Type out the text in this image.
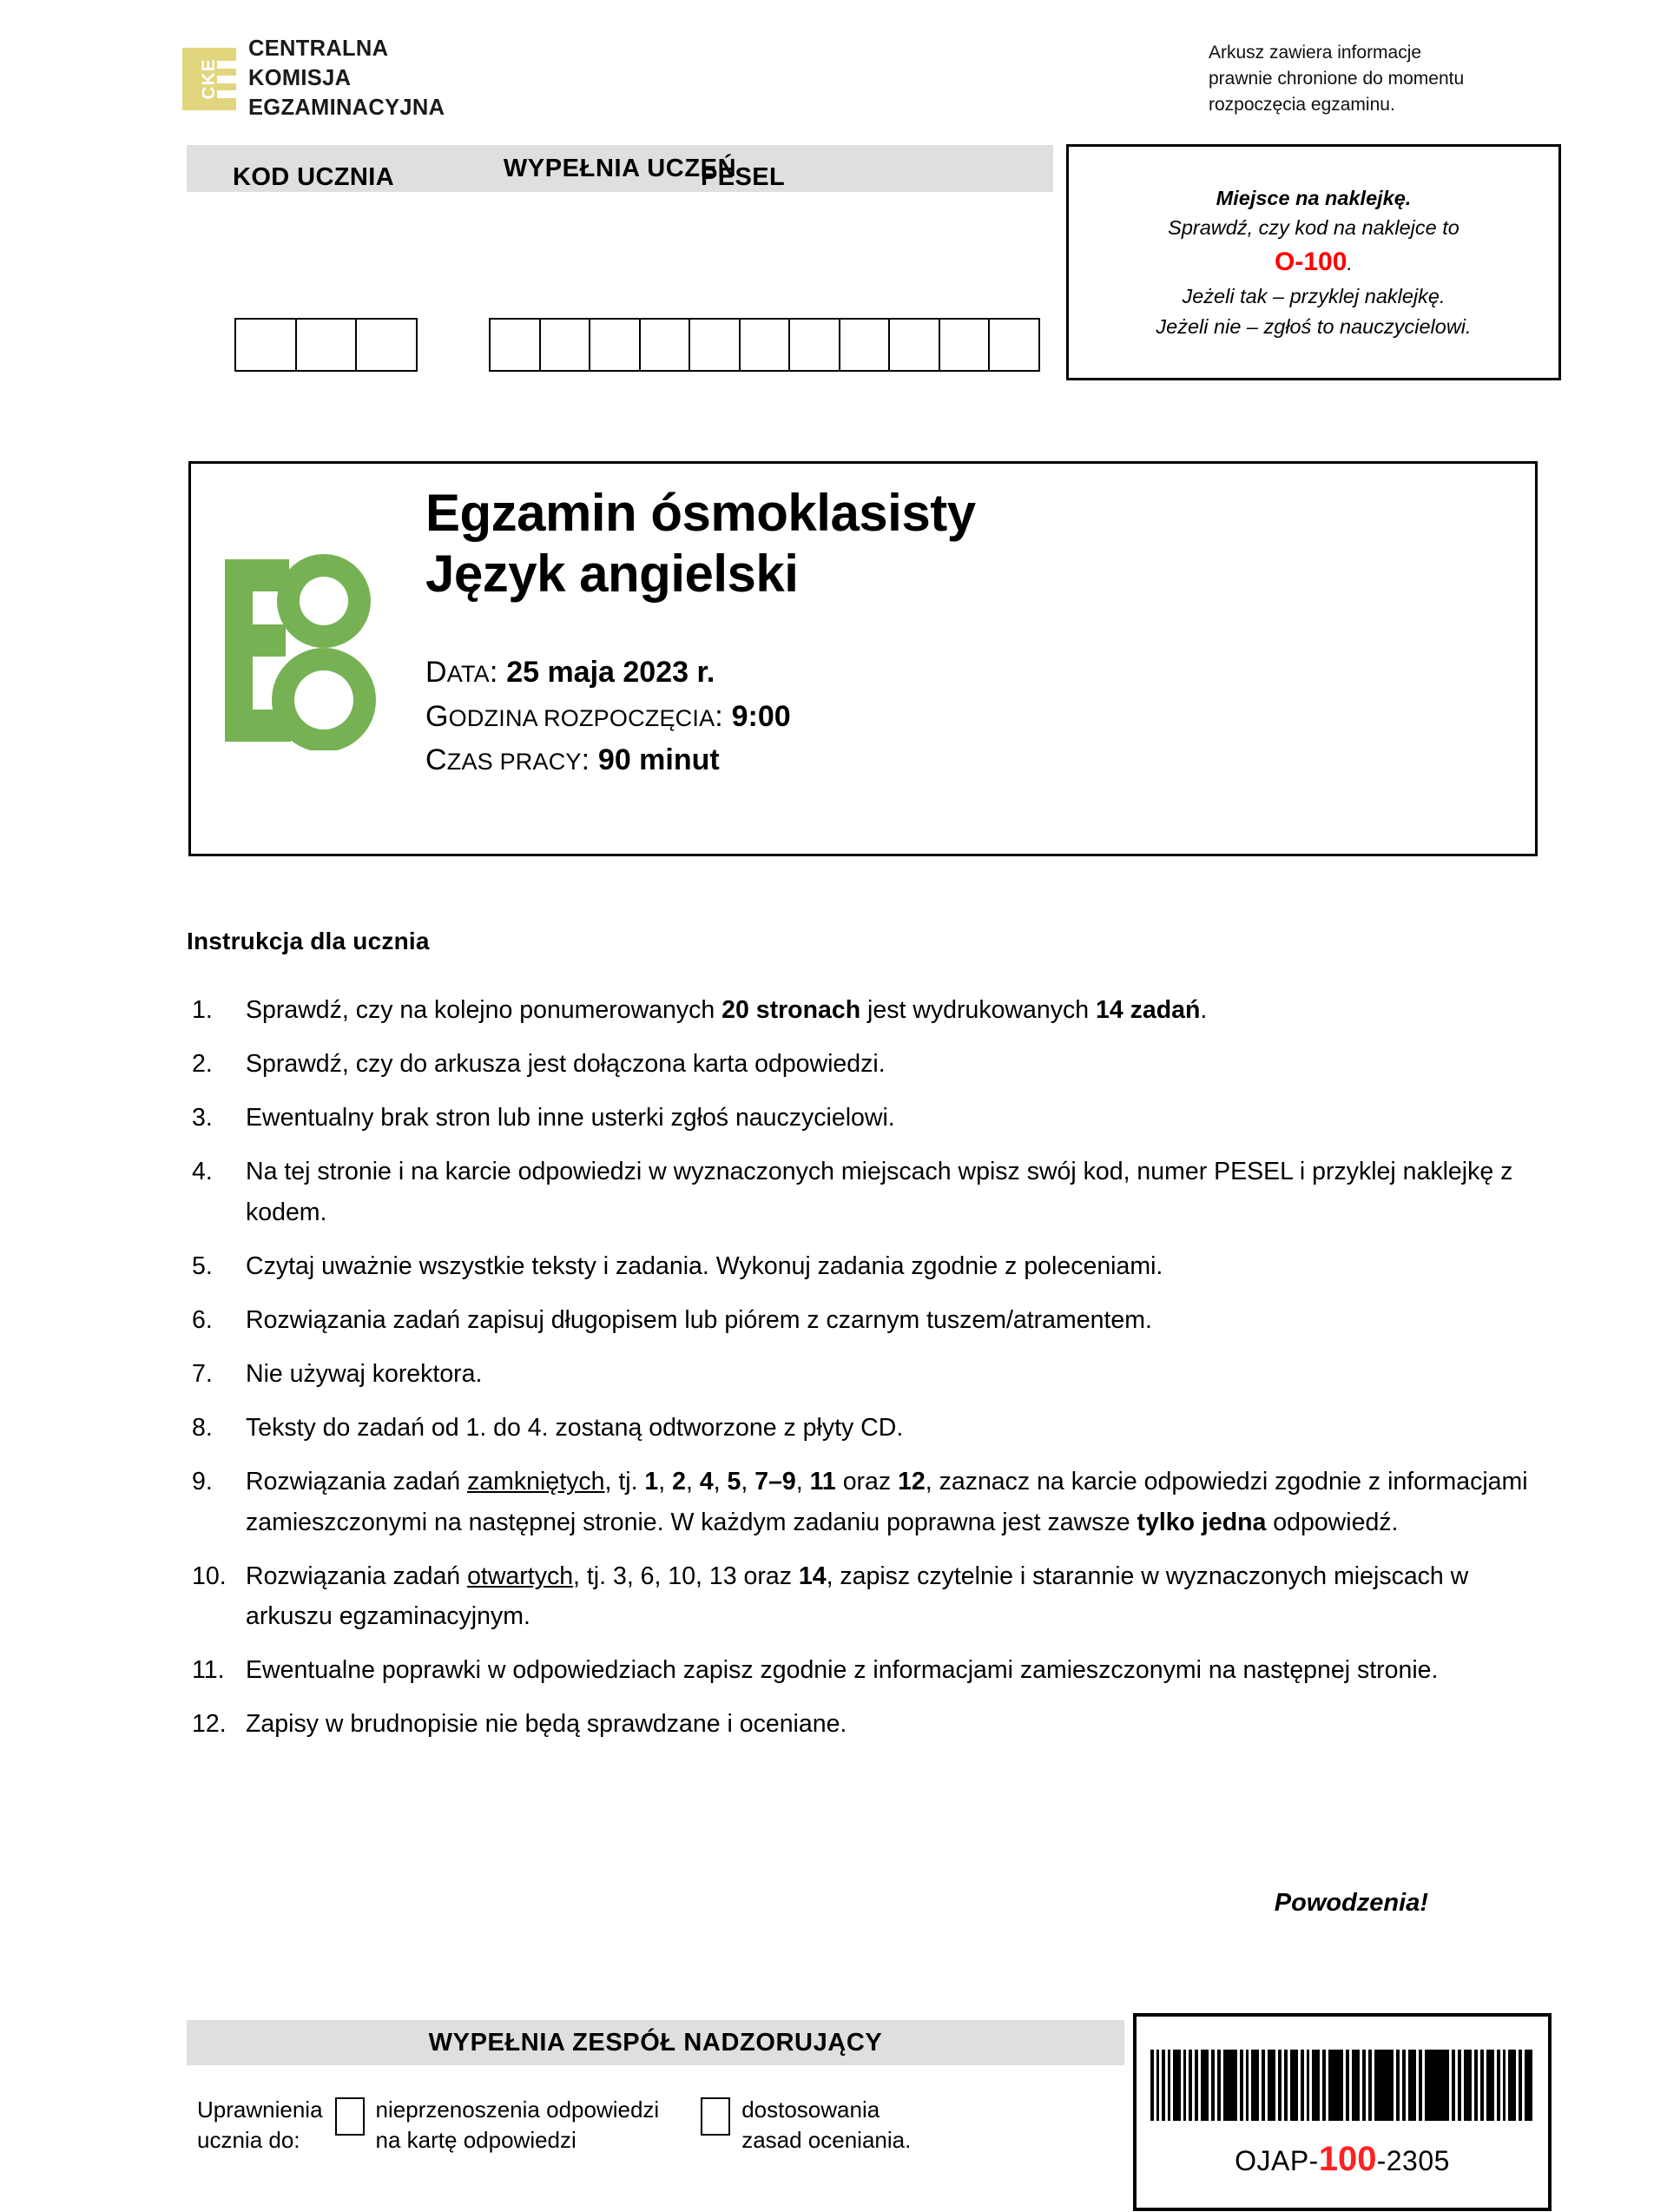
CKE
CENTRALNA
KOMISJA
EGZAMINACYJNA
Arkusz zawiera informacje
prawnie chronione do momentu
rozpoczęcia egzaminu.
WYPEŁNIA UCZEŃ
KOD UCZNIA	PESEL
Miejsce na naklejkę.
Sprawdź, czy kod na naklejce to
O-100.
Jeżeli tak – przyklej naklejkę.
Jeżeli nie – zgłoś to nauczycielowi.
Egzamin ósmoklasisty
Język angielski
DATA: 25 maja 2023 r.
GODZINA ROZPOCZĘCIA: 9:00
CZAS PRACY: 90 minut
Instrukcja dla ucznia
1.	Sprawdź, czy na kolejno ponumerowanych 20 stronach jest wydrukowanych 14 zadań.
2.	Sprawdź, czy do arkusza jest dołączona karta odpowiedzi.
3.	Ewentualny brak stron lub inne usterki zgłoś nauczycielowi.
4.	Na tej stronie i na karcie odpowiedzi w wyznaczonych miejscach wpisz swój kod, numer PESEL i przyklej naklejkę z kodem.
5.	Czytaj uważnie wszystkie teksty i zadania. Wykonuj zadania zgodnie z poleceniami.
6.	Rozwiązania zadań zapisuj długopisem lub piórem z czarnym tuszem/atramentem.
7.	Nie używaj korektora.
8.	Teksty do zadań od 1. do 4. zostaną odtworzone z płyty CD.
9.	Rozwiązania zadań zamkniętych, tj. 1, 2, 4, 5, 7–9, 11 oraz 12, zaznacz na karcie odpowiedzi zgodnie z informacjami zamieszczonymi na następnej stronie. W każdym zadaniu poprawna jest zawsze tylko jedna odpowiedź.
10. Rozwiązania zadań otwartych, tj. 3, 6, 10, 13 oraz 14, zapisz czytelnie i starannie w wyznaczonych miejscach w arkuszu egzaminacyjnym.
11. Ewentualne poprawki w odpowiedziach zapisz zgodnie z informacjami zamieszczonymi na następnej stronie.
12. Zapisy w brudnopisie nie będą sprawdzane i oceniane.
Powodzenia!
WYPEŁNIA ZESPÓŁ NADZORUJĄCY
Uprawnienia
ucznia do:
nieprzenoszenia odpowiedzi
na kartę odpowiedzi
dostosowania
zasad oceniania.
OJAP-100-2305
